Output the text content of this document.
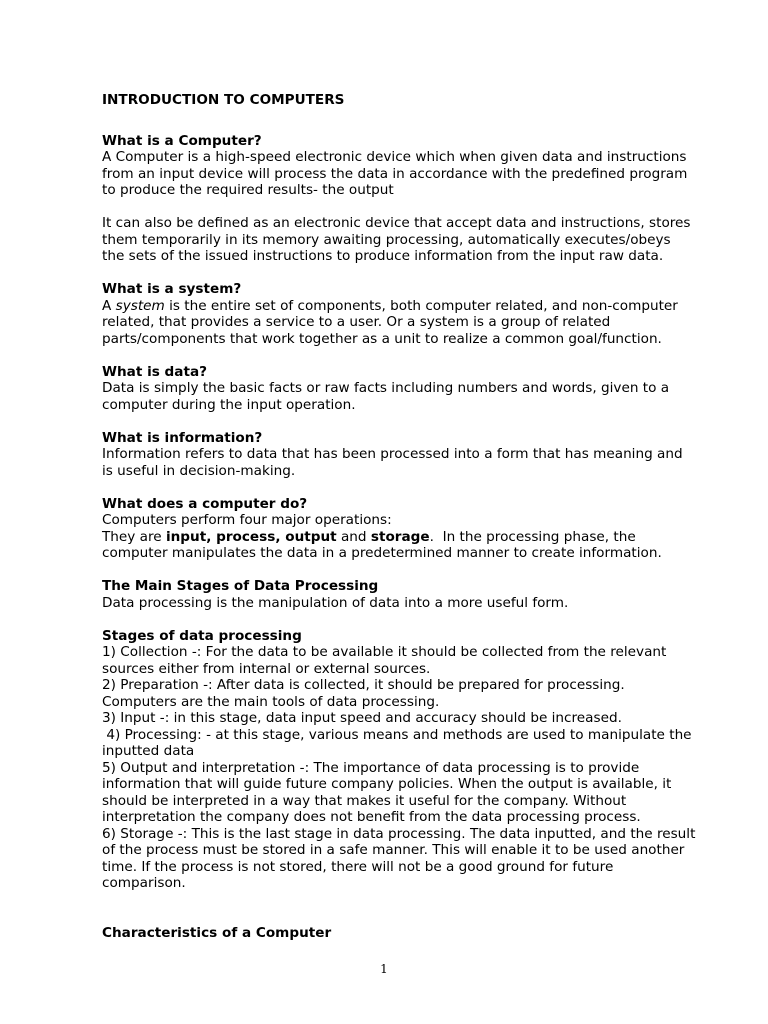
INTRODUCTION TO COMPUTERS
What is a Computer?
A Computer is a high-speed electronic device which when given data and instructions
from an input device will process the data in accordance with the predefined program
to produce the required results- the output
It can also be defined as an electronic device that accept data and instructions, stores
them temporarily in its memory awaiting processing, automatically executes/obeys
the sets of the issued instructions to produce information from the input raw data.
What is a system?
A system is the entire set of components, both computer related, and non-computer
related, that provides a service to a user. Or a system is a group of related
parts/components that work together as a unit to realize a common goal/function.
What is data?
Data is simply the basic facts or raw facts including numbers and words, given to a
computer during the input operation.
What is information?
Information refers to data that has been processed into a form that has meaning and
is useful in decision-making.
What does a computer do?
Computers perform four major operations:
They are input, process, output and storage.  In the processing phase, the
computer manipulates the data in a predetermined manner to create information.
The Main Stages of Data Processing
Data processing is the manipulation of data into a more useful form.
Stages of data processing
1) Collection -: For the data to be available it should be collected from the relevant
sources either from internal or external sources.
2) Preparation -: After data is collected, it should be prepared for processing.
Computers are the main tools of data processing.
3) Input -: in this stage, data input speed and accuracy should be increased.
4) Processing: - at this stage, various means and methods are used to manipulate the
inputted data
5) Output and interpretation -: The importance of data processing is to provide
information that will guide future company policies. When the output is available, it
should be interpreted in a way that makes it useful for the company. Without
interpretation the company does not benefit from the data processing process.
6) Storage -: This is the last stage in data processing. The data inputted, and the result
of the process must be stored in a safe manner. This will enable it to be used another
time. If the process is not stored, there will not be a good ground for future
comparison.
Characteristics of a Computer
1
